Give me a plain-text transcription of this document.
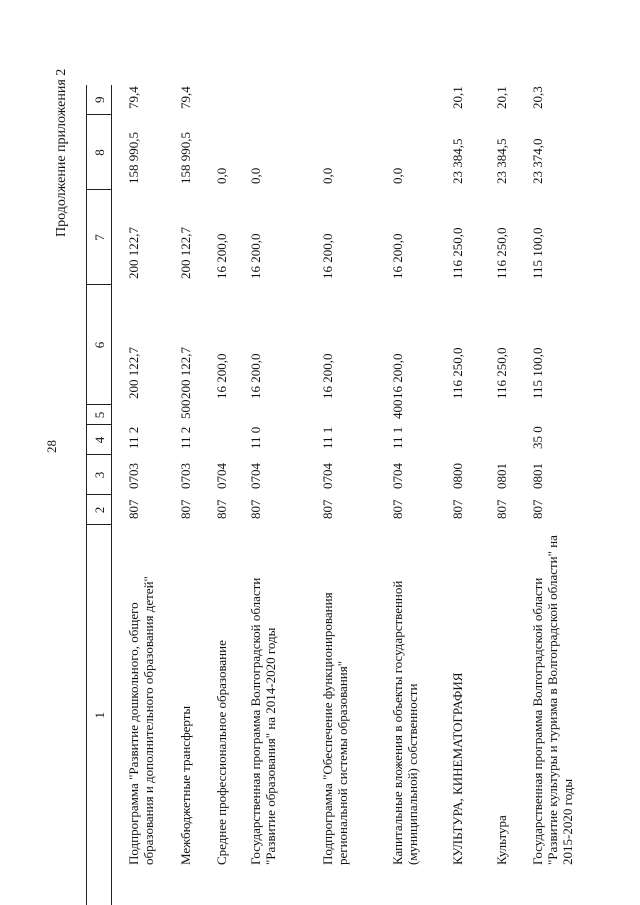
28
Продолжение приложения 2
1	2	3	4	5	6	7	8	9
Подпрограмма "Развитие дошкольного, общего образования и дополнительного образования детей"	807	0703	11 2		200 122,7	200 122,7	158 990,5	79,4
Межбюджетные трансферты	807	0703	11 2	500	200 122,7	200 122,7	158 990,5	79,4
Среднее профессиональное образование	807	0704			16 200,0	16 200,0	0,0	
Государственная программа Волгоградской области "Развитие образования" на 2014-2020 годы	807	0704	11 0		16 200,0	16 200,0	0,0	
Подпрограмма "Обеспечение функционирования региональной системы образования"	807	0704	11 1		16 200,0	16 200,0	0,0	
Капитальные вложения в объекты государственной (муниципальной) собственности	807	0704	11 1	400	16 200,0	16 200,0	0,0	
КУЛЬТУРА, КИНЕМАТОГРАФИЯ	807	0800			116 250,0	116 250,0	23 384,5	20,1
Культура	807	0801			116 250,0	116 250,0	23 384,5	20,1
Государственная программа Волгоградской области "Развитие культуры и туризма в Волгоградской области" на 2015-2020 годы	807	0801	35 0		115 100,0	115 100,0	23 374,0	20,3
